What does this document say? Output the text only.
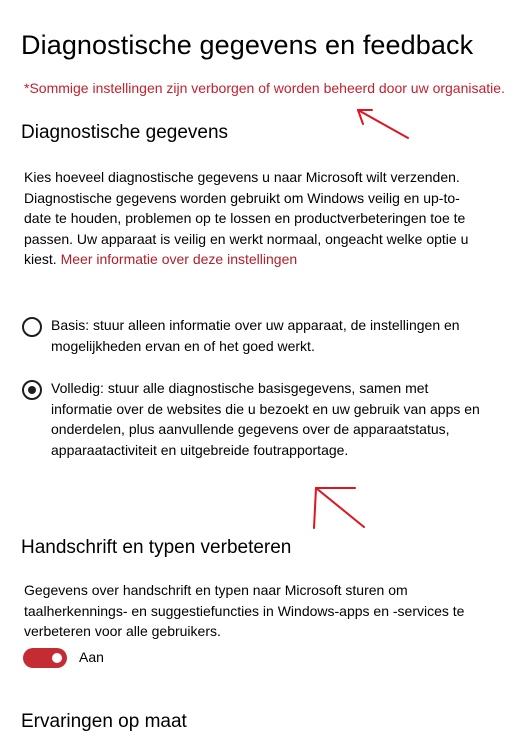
Diagnostische gegevens en feedback
*Sommige instellingen zijn verborgen of worden beheerd door uw organisatie.
Diagnostische gegevens
Kies hoeveel diagnostische gegevens u naar Microsoft wilt verzenden. Diagnostische gegevens worden gebruikt om Windows veilig en up-to-date te houden, problemen op te lossen en productverbeteringen toe te passen. Uw apparaat is veilig en werkt normaal, ongeacht welke optie u kiest. Meer informatie over deze instellingen
Basis: stuur alleen informatie over uw apparaat, de instellingen en mogelijkheden ervan en of het goed werkt.
Volledig: stuur alle diagnostische basisgegevens, samen met informatie over de websites die u bezoekt en uw gebruik van apps en onderdelen, plus aanvullende gegevens over de apparaatstatus, apparaatactiviteit en uitgebreide foutrapportage.
Handschrift en typen verbeteren
Gegevens over handschrift en typen naar Microsoft sturen om taalherkennings- en suggestiefuncties in Windows-apps en -services te verbeteren voor alle gebruikers.
Aan
Ervaringen op maat
